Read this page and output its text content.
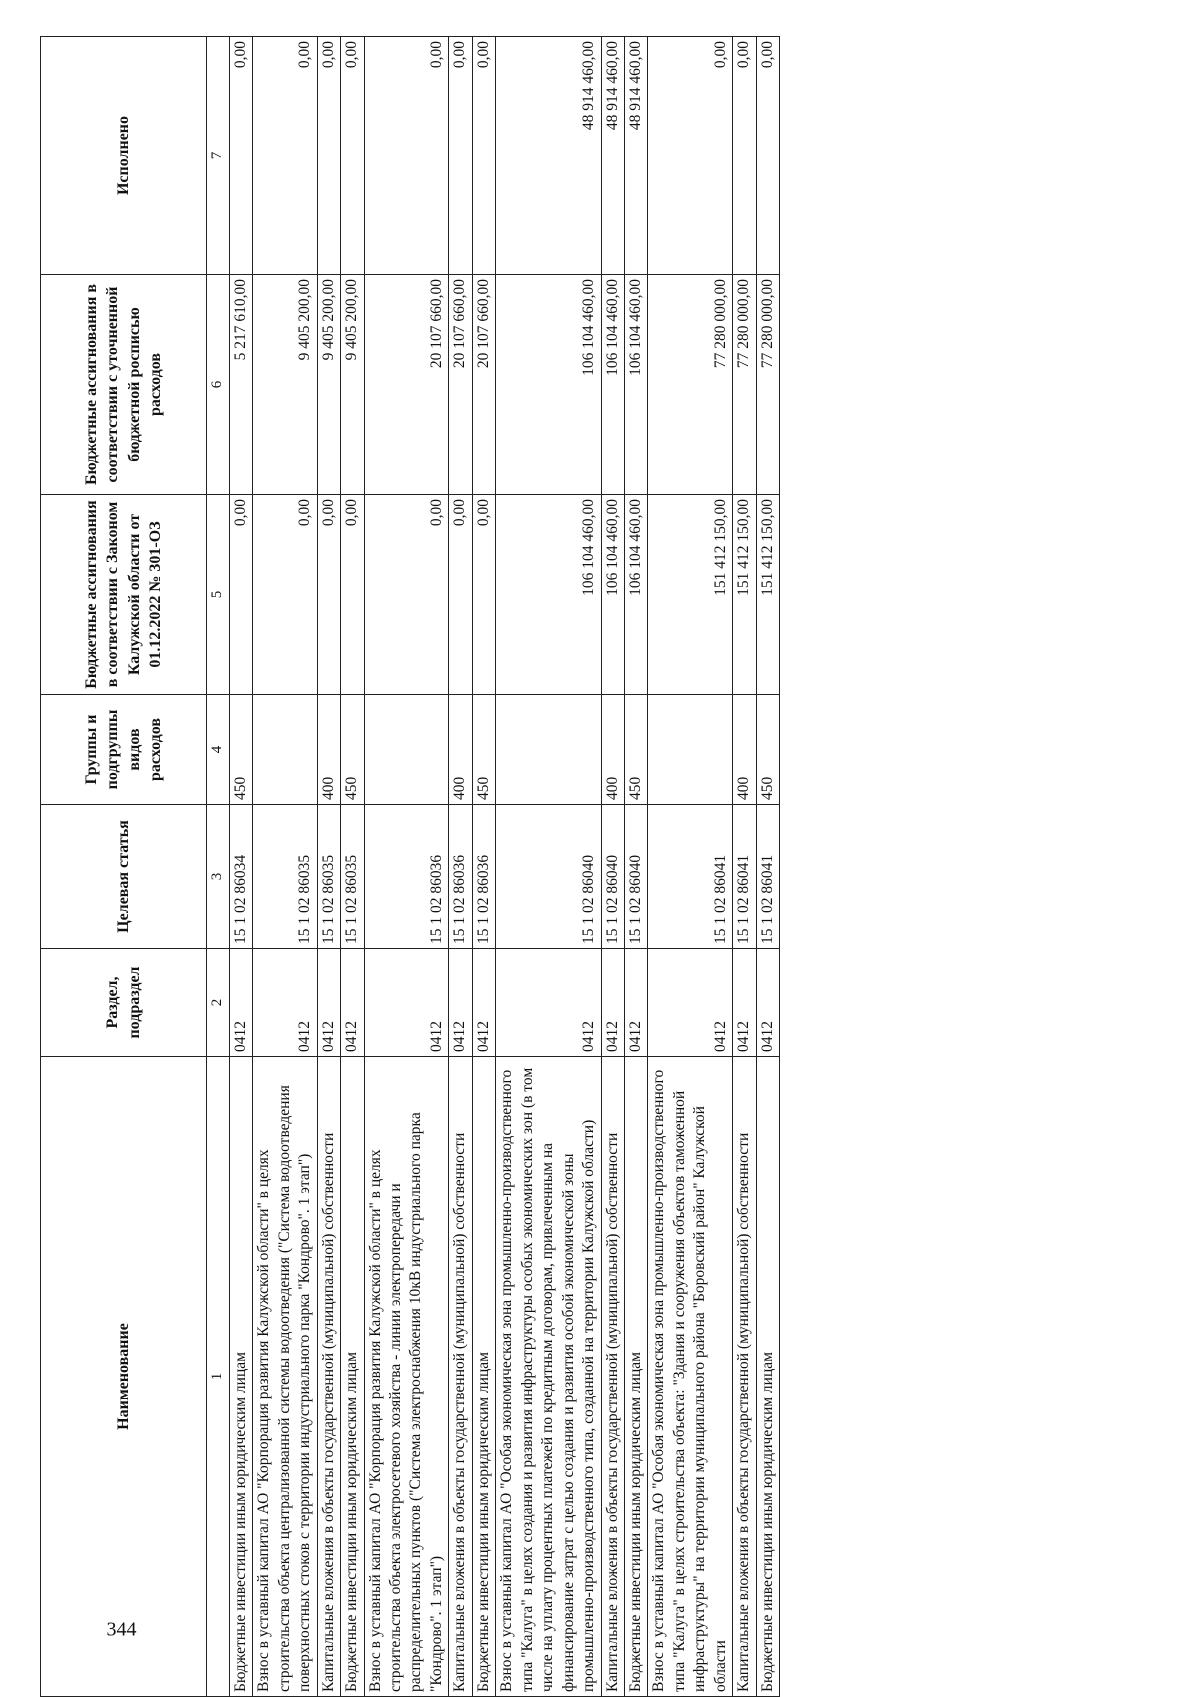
Наименование	Раздел, подраздел	Целевая статья	Группы и подгруппы видов расходов	Бюджетные ассигнования в соответствии с Законом Калужской области от 01.12.2022 № 301-ОЗ	Бюджетные ассигнования в соответствии с уточненной бюджетной росписью расходов	Исполнено
1	2	3	4	5	6	7
Бюджетные инвестиции иным юридическим лицам	0412	15 1 02 86034	450	0,00	5 217 610,00	0,00
Взнос в уставный капитал АО "Корпорация развития Калужской области" в целях строительства объекта централизованной системы водоотведения ("Система водоотведения поверхностных стоков с территории индустриального парка "Кондрово". 1 этап")	0412	15 1 02 86035		0,00	9 405 200,00	0,00
Капитальные вложения в объекты государственной (муниципальной) собственности	0412	15 1 02 86035	400	0,00	9 405 200,00	0,00
Бюджетные инвестиции иным юридическим лицам	0412	15 1 02 86035	450	0,00	9 405 200,00	0,00
Взнос в уставный капитал АО "Корпорация развития Калужской области" в целях строительства объекта электросетевого хозяйства - линии электропередачи и распределительных пунктов ("Система электроснабжения 10кВ индустриального парка "Кондрово". 1 этап")	0412	15 1 02 86036		0,00	20 107 660,00	0,00
Капитальные вложения в объекты государственной (муниципальной) собственности	0412	15 1 02 86036	400	0,00	20 107 660,00	0,00
Бюджетные инвестиции иным юридическим лицам	0412	15 1 02 86036	450	0,00	20 107 660,00	0,00
Взнос в уставный капитал АО "Особая экономическая зона промышленно-производственного типа "Калуга" в целях создания и развития инфраструктуры особых экономических зон (в том числе на уплату процентных платежей по кредитным договорам, привлеченным на финансирование затрат с целью создания и развития особой экономической зоны промышленно-производственного типа, созданной на территории Калужской области)	0412	15 1 02 86040		106 104 460,00	106 104 460,00	48 914 460,00
Капитальные вложения в объекты государственной (муниципальной) собственности	0412	15 1 02 86040	400	106 104 460,00	106 104 460,00	48 914 460,00
Бюджетные инвестиции иным юридическим лицам	0412	15 1 02 86040	450	106 104 460,00	106 104 460,00	48 914 460,00
Взнос в уставный капитал АО "Особая экономическая зона промышленно-производственного типа "Калуга" в целях строительства объекта: "Здания и сооружения объектов таможенной инфраструктуры" на территории муниципального района "Боровский район" Калужской области	0412	15 1 02 86041		151 412 150,00	77 280 000,00	0,00
Капитальные вложения в объекты государственной (муниципальной) собственности	0412	15 1 02 86041	400	151 412 150,00	77 280 000,00	0,00
Бюджетные инвестиции иным юридическим лицам	0412	15 1 02 86041	450	151 412 150,00	77 280 000,00	0,00
344
